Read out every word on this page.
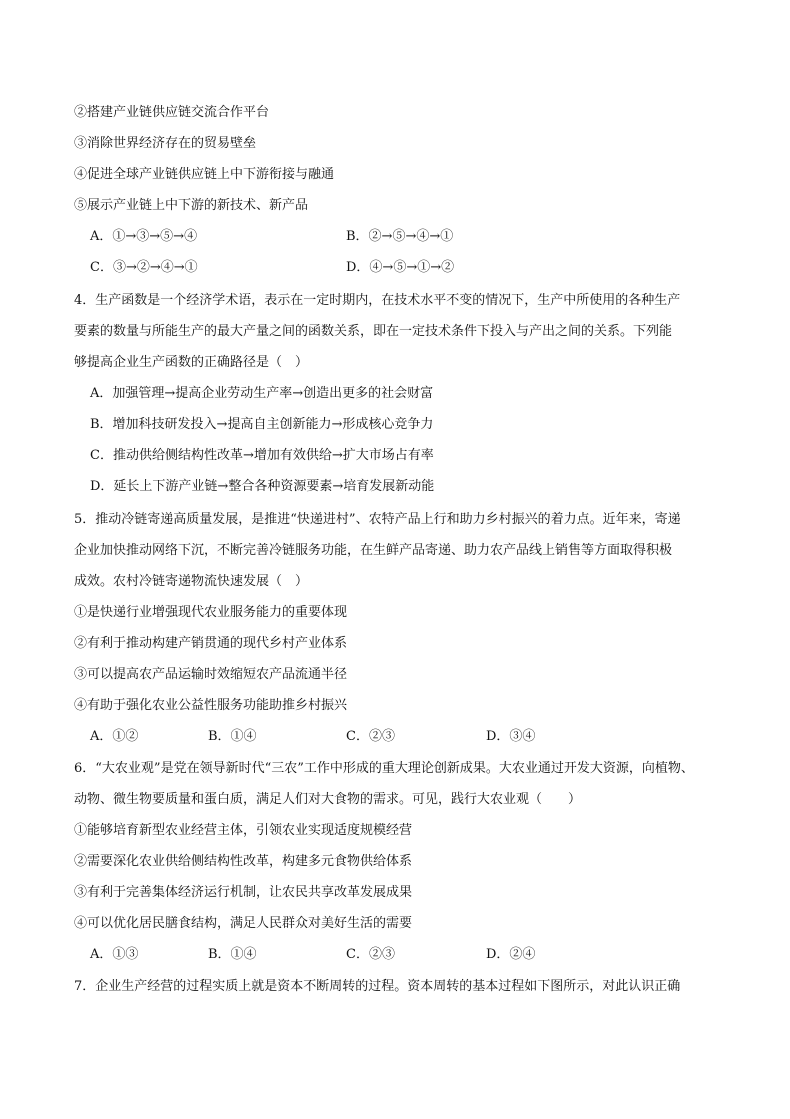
②搭建产业链供应链交流合作平台
③消除世界经济存在的贸易壁垒
④促进全球产业链供应链上中下游衔接与融通
⑤展示产业链上中下游的新技术、新产品
A．①→③→⑤→④	B．②→⑤→④→①
C．③→②→④→①	D．④→⑤→①→②
4．生产函数是一个经济学术语，表示在一定时期内，在技术水平不变的情况下，生产中所使用的各种生产
要素的数量与所能生产的最大产量之间的函数关系，即在一定技术条件下投入与产出之间的关系。下列能
够提高企业生产函数的正确路径是（　）
A．加强管理→提高企业劳动生产率→创造出更多的社会财富
B．增加科技研发投入→提高自主创新能力→形成核心竞争力
C．推动供给侧结构性改革→增加有效供给→扩大市场占有率
D．延长上下游产业链→整合各种资源要素→培育发展新动能
5．推动冷链寄递高质量发展，是推进“快递进村”、农特产品上行和助力乡村振兴的着力点。近年来，寄递
企业加快推动网络下沉，不断完善冷链服务功能，在生鲜产品寄递、助力农产品线上销售等方面取得积极
成效。农村冷链寄递物流快速发展（　）
①是快递行业增强现代农业服务能力的重要体现
②有利于推动构建产销贯通的现代乡村产业体系
③可以提高农产品运输时效缩短农产品流通半径
④有助于强化农业公益性服务功能助推乡村振兴
A．①②	B．①④	C．②③	D．③④
6．“大农业观”是党在领导新时代“三农”工作中形成的重大理论创新成果。大农业通过开发大资源，向植物、
动物、微生物要质量和蛋白质，满足人们对大食物的需求。可见，践行大农业观（　　）
①能够培育新型农业经营主体，引领农业实现适度规模经营
②需要深化农业供给侧结构性改革，构建多元食物供给体系
③有利于完善集体经济运行机制，让农民共享改革发展成果
④可以优化居民膳食结构，满足人民群众对美好生活的需要
A．①③	B．①④	C．②③	D．②④
7．企业生产经营的过程实质上就是资本不断周转的过程。资本周转的基本过程如下图所示，对此认识正确
